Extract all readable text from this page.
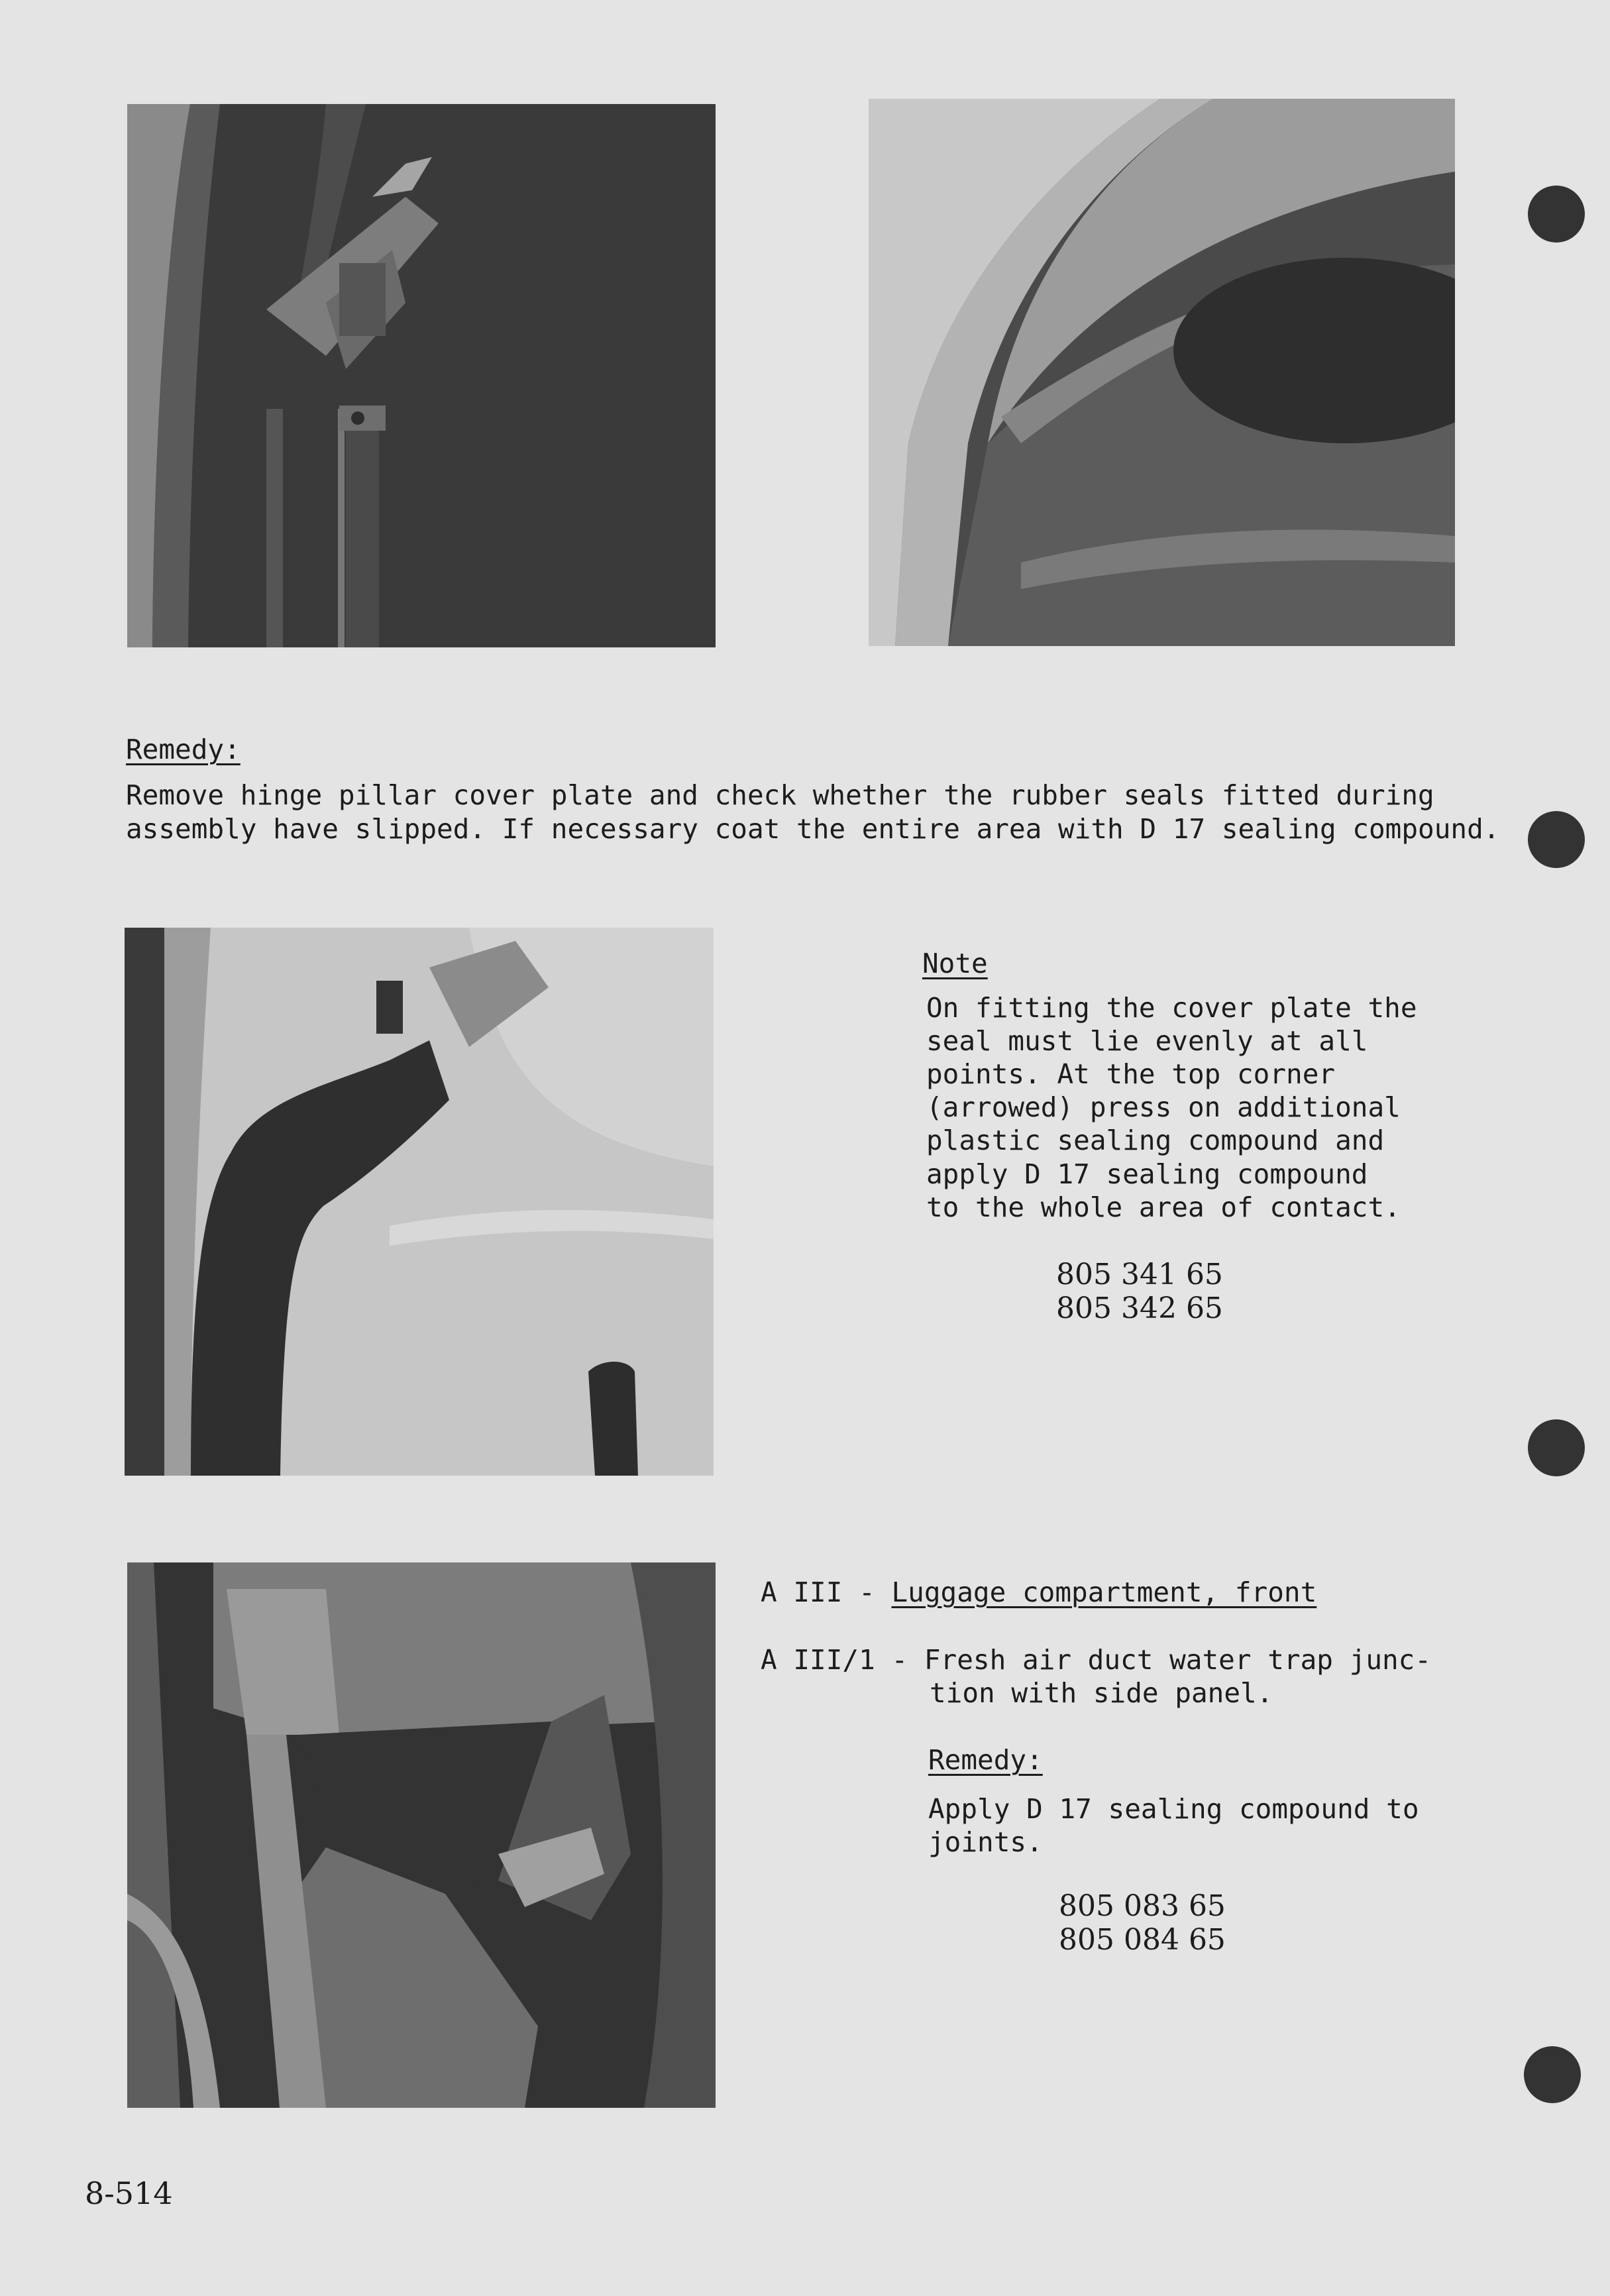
Remedy:
Remove hinge pillar cover plate and check whether the rubber seals fitted during
assembly have slipped. If necessary coat the entire area with D 17 sealing compound.
Note
On fitting the cover plate the
seal must lie evenly at all
points. At the top corner
(arrowed) press on additional
plastic sealing compound and
apply D 17 sealing compound
to the whole area of contact.
805 341 65
805 342 65
A III - Luggage compartment, front
A III/1 - Fresh air duct water trap junc-
tion with side panel.
Remedy:
Apply D 17 sealing compound to
joints.
805 083 65
805 084 65
8-514
